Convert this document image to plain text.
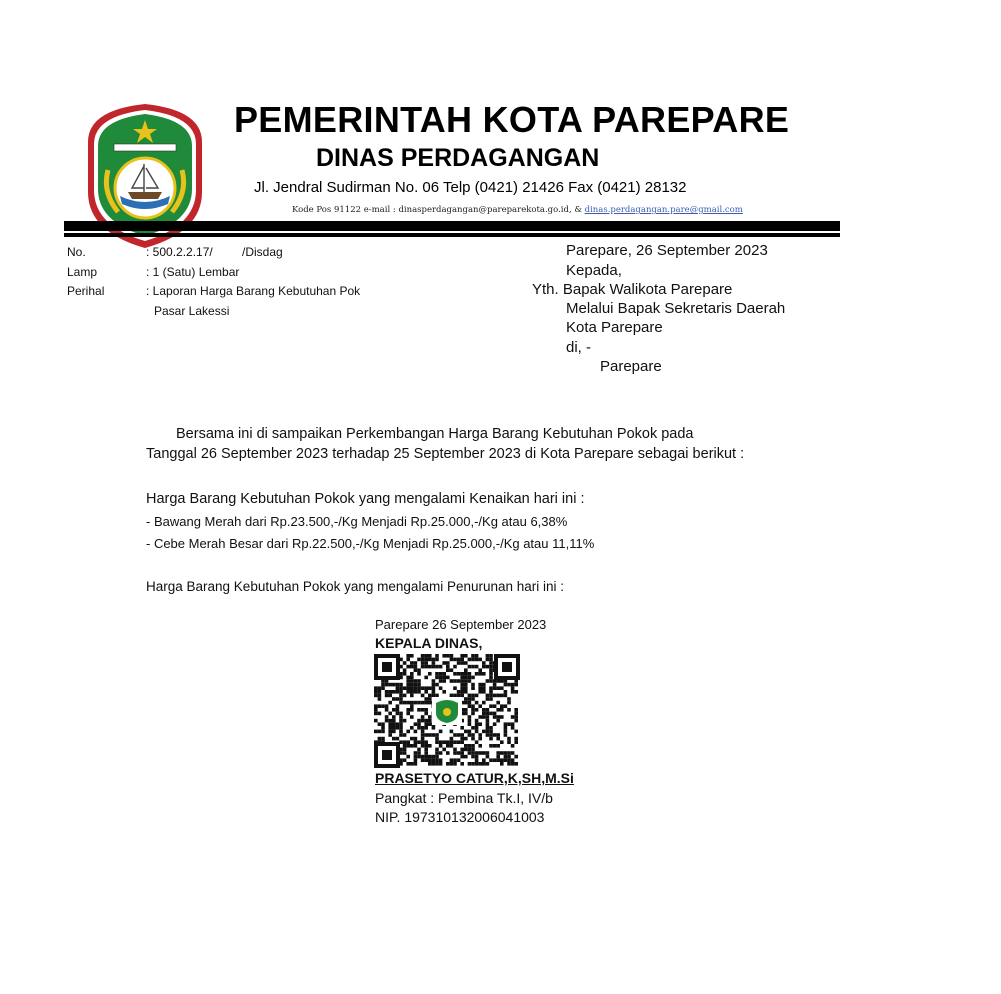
PEMERINTAH KOTA PAREPARE
DINAS PERDAGANGAN
Jl. Jendral Sudirman No. 06 Telp (0421) 21426 Fax (0421) 28132
Kode Pos 91122 e-mail : dinasperdagangan@pareparekota.go.id, & dinas.perdagangan.pare@gmail.com
No.	: 500.2.2.17/ /Disdag
Lamp	: 1 (Satu) Lembar
Perihal	: Laporan Harga Barang Kebutuhan Pok
Pasar Lakessi
Parepare, 26 September 2023
Kepada,
Yth. Bapak Walikota Parepare
Melalui Bapak Sekretaris Daerah
Kota Parepare
di, -
Parepare
Bersama ini di sampaikan Perkembangan Harga Barang Kebutuhan Pokok pada
Tanggal 26 September 2023 terhadap 25 September 2023 di Kota Parepare sebagai berikut :
Harga Barang Kebutuhan Pokok yang mengalami Kenaikan hari ini :
- Bawang Merah dari Rp.23.500,-/Kg Menjadi Rp.25.000,-/Kg atau 6,38%
- Cebe Merah Besar dari Rp.22.500,-/Kg Menjadi Rp.25.000,-/Kg atau 11,11%
Harga Barang Kebutuhan Pokok yang mengalami Penurunan hari ini :
Parepare 26 September 2023
KEPALA DINAS,
PRASETYO CATUR,K,SH,M.Si
Pangkat : Pembina Tk.I, IV/b
NIP. 197310132006041003
